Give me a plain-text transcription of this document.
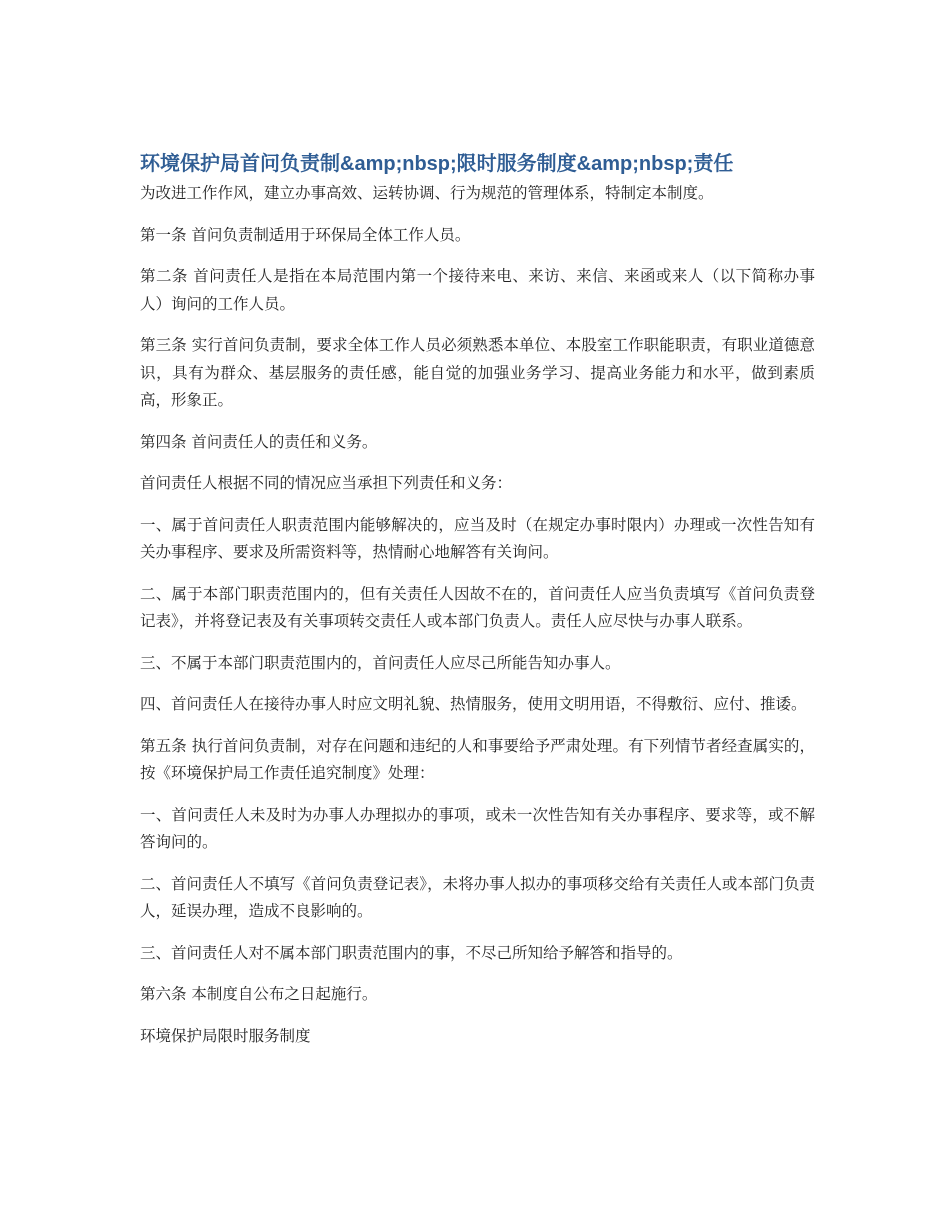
环境保护局首问负责制&amp;nbsp;限时服务制度&amp;nbsp;责任

为改进工作作风，建立办事高效、运转协调、行为规范的管理体系，特制定本制度。

第一条 首问负责制适用于环保局全体工作人员。

第二条 首问责任人是指在本局范围内第一个接待来电、来访、来信、来函或来人（以下简称办事人）询问的工作人员。

第三条 实行首问负责制，要求全体工作人员必须熟悉本单位、本股室工作职能职责，有职业道德意识，具有为群众、基层服务的责任感，能自觉的加强业务学习、提高业务能力和水平，做到素质高，形象正。

第四条 首问责任人的责任和义务。

首问责任人根据不同的情况应当承担下列责任和义务：

一、属于首问责任人职责范围内能够解决的，应当及时（在规定办事时限内）办理或一次性告知有关办事程序、要求及所需资料等，热情耐心地解答有关询问。

二、属于本部门职责范围内的，但有关责任人因故不在的，首问责任人应当负责填写《首问负责登记表》，并将登记表及有关事项转交责任人或本部门负责人。责任人应尽快与办事人联系。

三、不属于本部门职责范围内的，首问责任人应尽己所能告知办事人。

四、首问责任人在接待办事人时应文明礼貌、热情服务，使用文明用语，不得敷衍、应付、推诿。

第五条 执行首问负责制，对存在问题和违纪的人和事要给予严肃处理。有下列情节者经查属实的，按《环境保护局工作责任追究制度》处理：

一、首问责任人未及时为办事人办理拟办的事项，或未一次性告知有关办事程序、要求等，或不解答询问的。

二、首问责任人不填写《首问负责登记表》，未将办事人拟办的事项移交给有关责任人或本部门负责人，延误办理，造成不良影响的。

三、首问责任人对不属本部门职责范围内的事，不尽己所知给予解答和指导的。

第六条 本制度自公布之日起施行。

环境保护局限时服务制度
